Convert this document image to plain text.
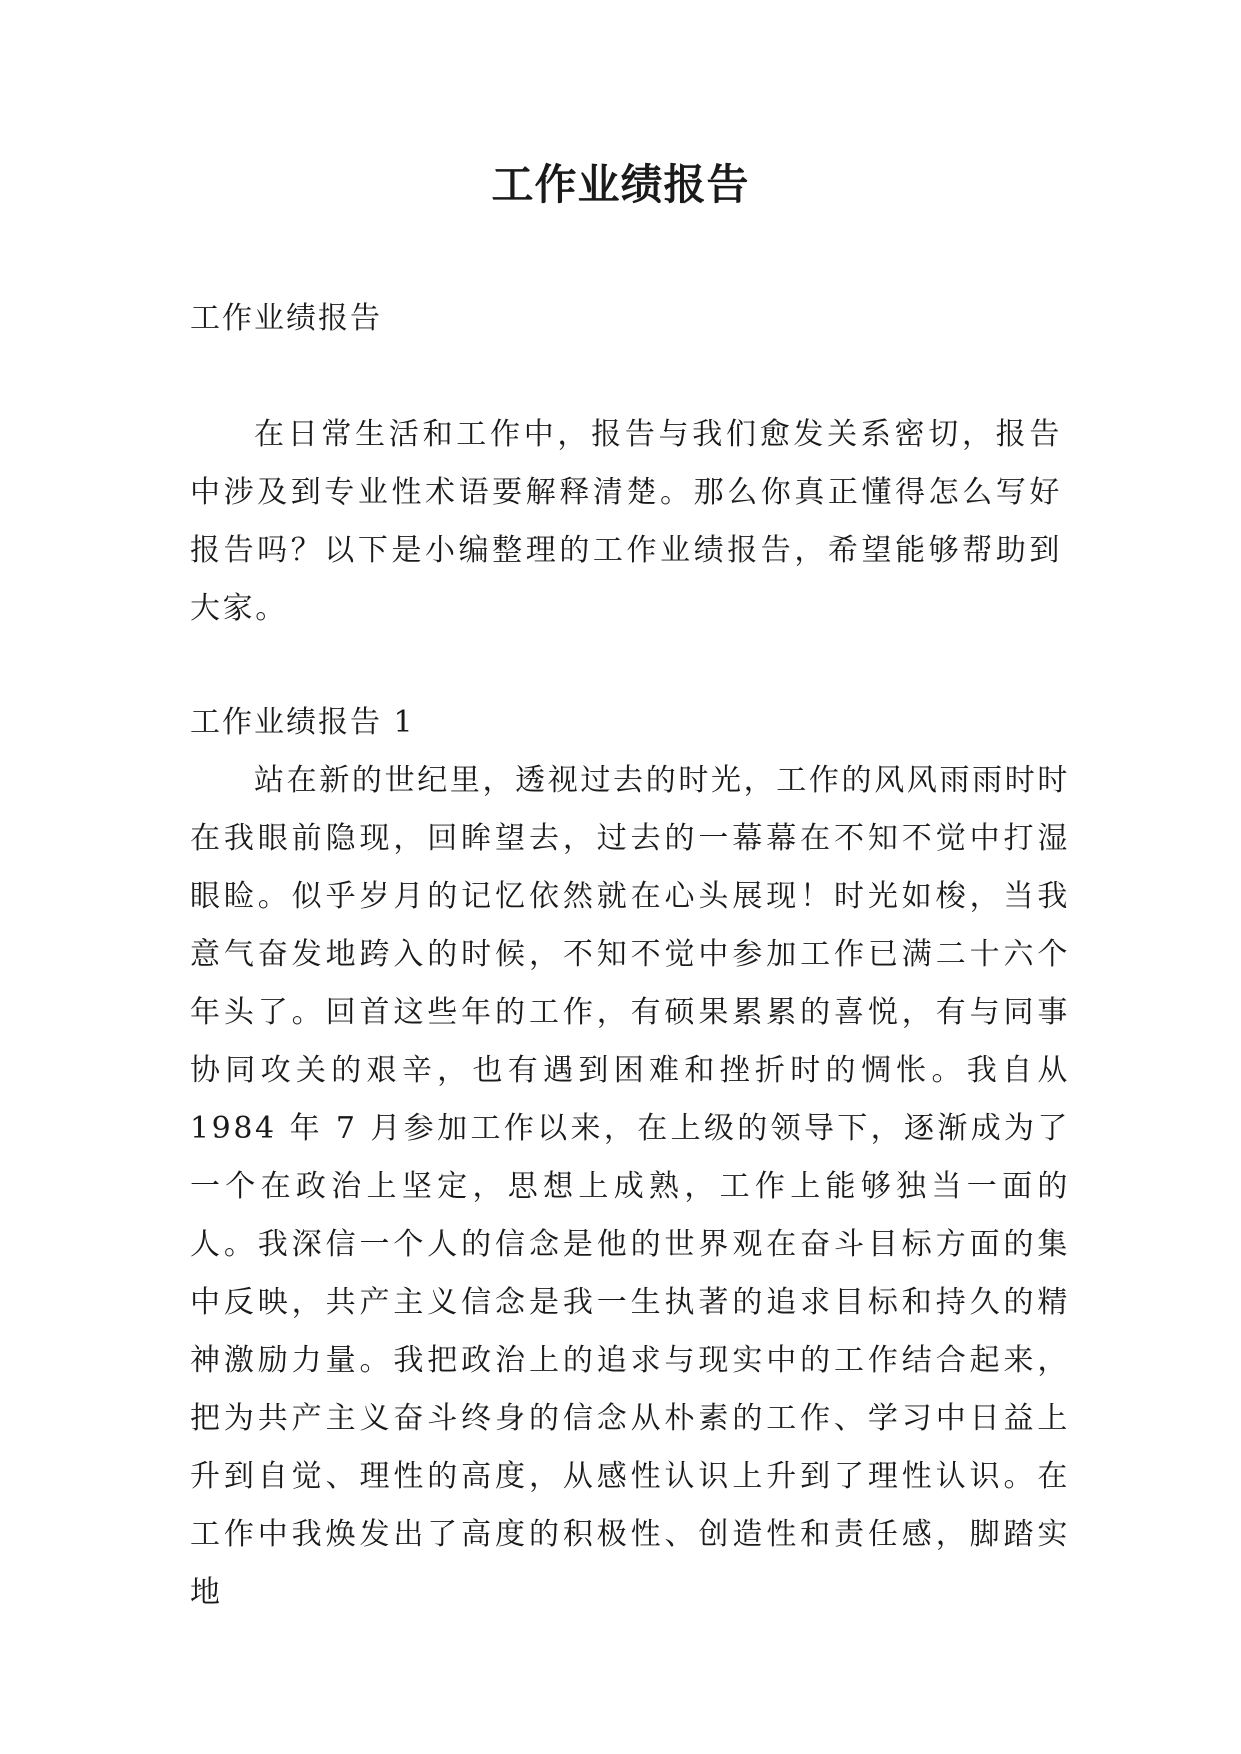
工作业绩报告

工作业绩报告

在日常生活和工作中，报告与我们愈发关系密切，报告中涉及到专业性术语要解释清楚。那么你真正懂得怎么写好报告吗？以下是小编整理的工作业绩报告，希望能够帮助到大家。

工作业绩报告 1

站在新的世纪里，透视过去的时光，工作的风风雨雨时时在我眼前隐现，回眸望去，过去的一幕幕在不知不觉中打湿眼睑。似乎岁月的记忆依然就在心头展现！时光如梭，当我意气奋发地跨入的时候，不知不觉中参加工作已满二十六个年头了。回首这些年的工作，有硕果累累的喜悦，有与同事协同攻关的艰辛，也有遇到困难和挫折时的惆怅。我自从 1984 年 7 月参加工作以来，在上级的领导下，逐渐成为了一个在政治上坚定，思想上成熟，工作上能够独当一面的人。我深信一个人的信念是他的世界观在奋斗目标方面的集中反映，共产主义信念是我一生执著的追求目标和持久的精神激励力量。我把政治上的追求与现实中的工作结合起来，把为共产主义奋斗终身的信念从朴素的工作、学习中日益上升到自觉、理性的高度，从感性认识上升到了理性认识。在工作中我焕发出了高度的积极性、创造性和责任感，脚踏实地
